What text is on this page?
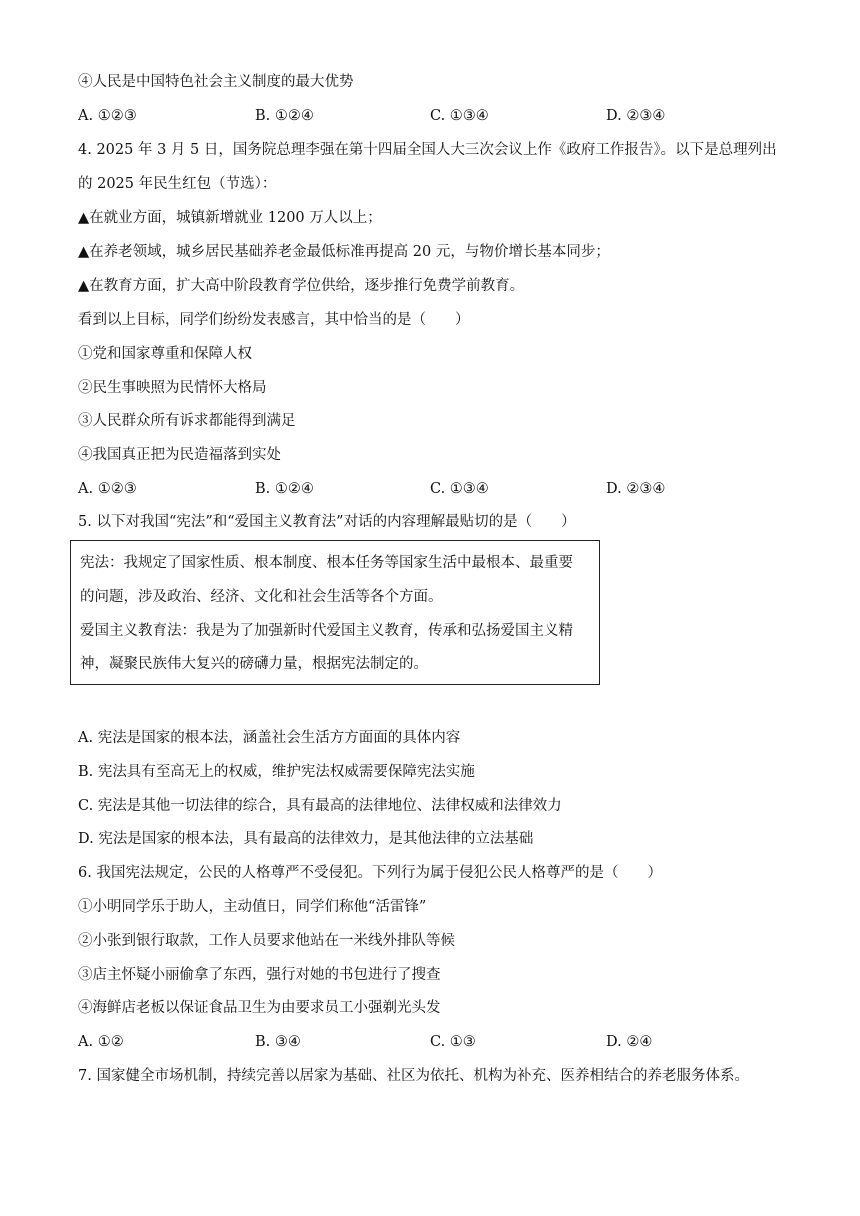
④人民是中国特色社会主义制度的最大优势
A. ①②③	B. ①②④	C. ①③④	D. ②③④
4. 2025 年 3 月 5 日，国务院总理李强在第十四届全国人大三次会议上作《政府工作报告》。以下是总理列出
的 2025 年民生红包（节选）：
▲在就业方面，城镇新增就业 1200 万人以上；
▲在养老领域，城乡居民基础养老金最低标准再提高 20 元，与物价增长基本同步；
▲在教育方面，扩大高中阶段教育学位供给，逐步推行免费学前教育。
看到以上目标，同学们纷纷发表感言，其中恰当的是（　　）
①党和国家尊重和保障人权
②民生事映照为民情怀大格局
③人民群众所有诉求都能得到满足
④我国真正把为民造福落到实处
A. ①②③	B. ①②④	C. ①③④	D. ②③④
5. 以下对我国“宪法”和“爱国主义教育法”对话的内容理解最贴切的是（　　）
宪法：我规定了国家性质、根本制度、根本任务等国家生活中最根本、最重要
的问题，涉及政治、经济、文化和社会生活等各个方面。
爱国主义教育法：我是为了加强新时代爱国主义教育，传承和弘扬爱国主义精
神，凝聚民族伟大复兴的磅礴力量，根据宪法制定的。
A. 宪法是国家的根本法，涵盖社会生活方方面面的具体内容
B. 宪法具有至高无上的权威，维护宪法权威需要保障宪法实施
C. 宪法是其他一切法律的综合，具有最高的法律地位、法律权威和法律效力
D. 宪法是国家的根本法，具有最高的法律效力，是其他法律的立法基础
6. 我国宪法规定，公民的人格尊严不受侵犯。下列行为属于侵犯公民人格尊严的是（　　）
①小明同学乐于助人，主动值日，同学们称他“活雷锋”
②小张到银行取款，工作人员要求他站在一米线外排队等候
③店主怀疑小丽偷拿了东西，强行对她的书包进行了搜查
④海鲜店老板以保证食品卫生为由要求员工小强剃光头发
A. ①②	B. ③④	C. ①③	D. ②④
7. 国家健全市场机制，持续完善以居家为基础、社区为依托、机构为补充、医养相结合的养老服务体系。
